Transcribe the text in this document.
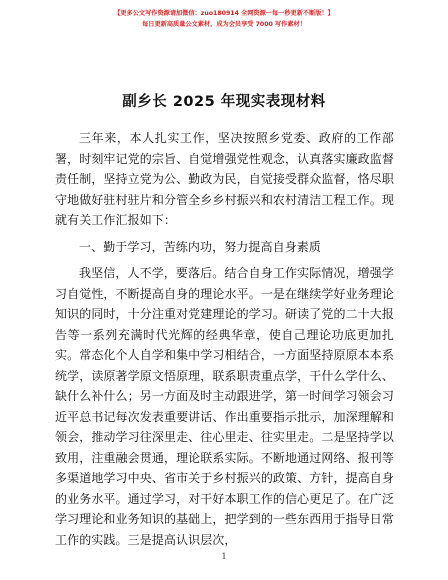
【更多公文写作资源请加微信：zuo180914 全网资源一每一秒更新不断版！】
每日更新高质量公文素材，成为会员享受 7000 写作素材！
副乡长 2025 年现实表现材料

三年来，本人扎实工作，坚决按照乡党委、政府的工作部署，时刻牢记党的宗旨、自觉增强党性观念，认真落实廉政监督责任制，坚持立党为公、勤政为民，自觉接受群众监督，恪尽职守地做好驻村驻片和分管全乡乡村振兴和农村清洁工程工作。现就有关工作汇报如下：

一、勤于学习，苦练内功，努力提高自身素质

我坚信，人不学，要落后。结合自身工作实际情况，增强学习自觉性，不断提高自身的理论水平。一是在继续学好业务理论知识的同时，十分注重对党建理论的学习。研读了党的二十大报告等一系列充满时代光辉的经典华章，使自己理论功底更加扎实。常态化个人自学和集中学习相结合，一方面坚持原原本本系统学，读原著学原文悟原理，联系职责重点学，干什么学什么、缺什么补什么；另一方面及时主动跟进学，第一时间学习领会习近平总书记每次发表重要讲话、作出重要指示批示，加深理解和领会，推动学习往深里走、往心里走、往实里走。二是坚持学以致用，注重融会贯通，理论联系实际。不断地通过网络、报刊等多渠道地学习中央、省市关于乡村振兴的政策、方针，提高自身的业务水平。通过学习，对干好本职工作的信心更足了。在广泛学习理论和业务知识的基础上，把学到的一些东西用于指导日常工作的实践。三是提高认识层次，

1
